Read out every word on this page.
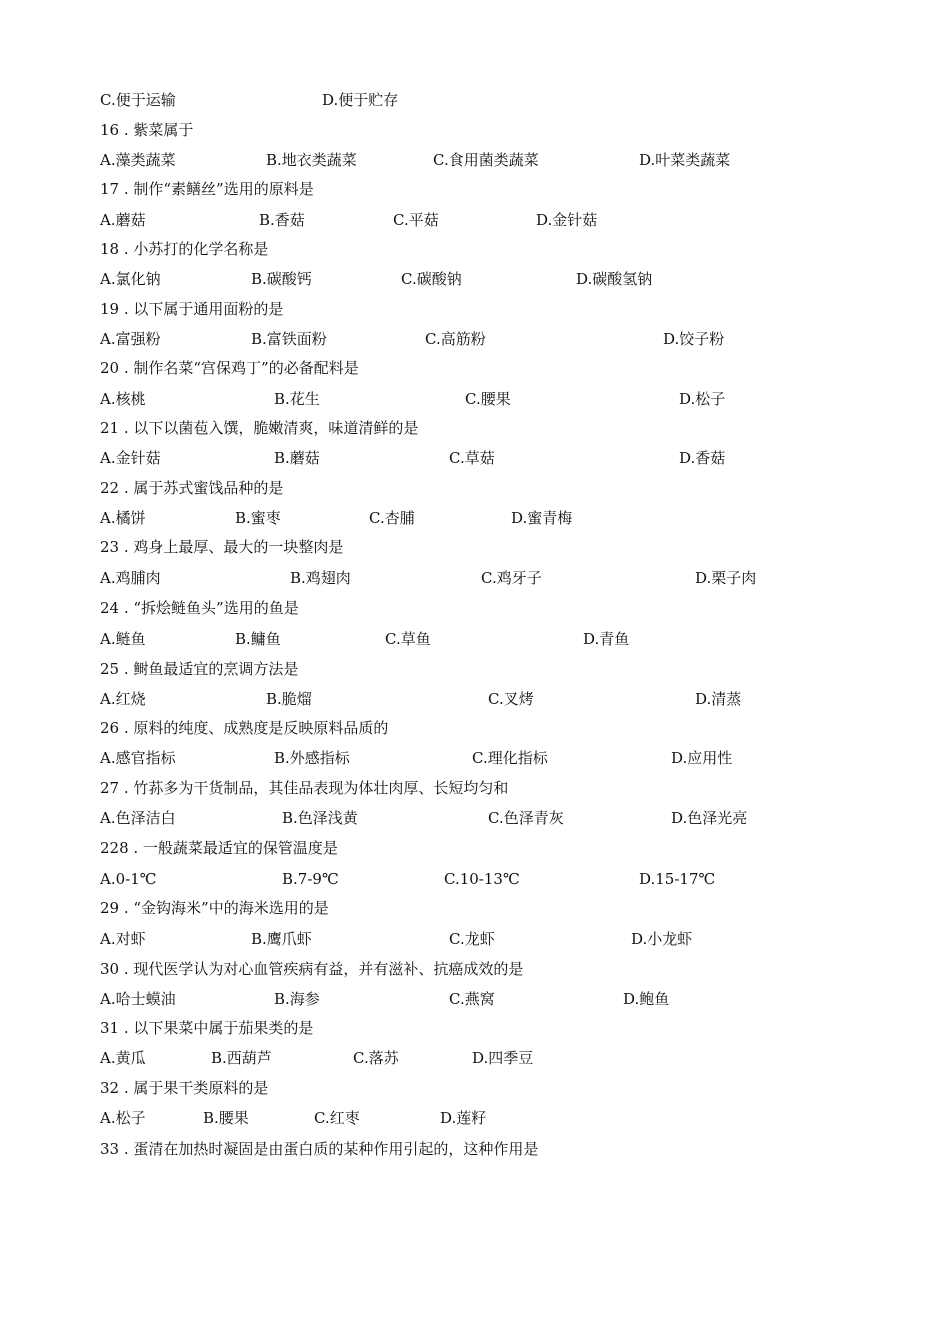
C.便于运输	D.便于贮存
16 . 紫菜属于
A.藻类蔬菜	B.地衣类蔬菜	C.食用菌类蔬菜	D.叶菜类蔬菜
17 . 制作“素鳝丝”选用的原料是
A.蘑菇	B.香菇	C.平菇	D.金针菇
18 . 小苏打的化学名称是
A.氯化钠	B.碳酸钙	C.碳酸钠	D.碳酸氢钠
19 . 以下属于通用面粉的是
A.富强粉	B.富铁面粉	C.高筋粉	D.饺子粉
20 . 制作名菜“宫保鸡丁”的必备配料是
A.核桃	B.花生	C.腰果	D.松子
21 . 以下以菌苞入馔，脆嫩清爽，味道清鲜的是
A.金针菇	B.蘑菇	C.草菇	D.香菇
22 . 属于苏式蜜饯品种的是
A.橘饼	B.蜜枣	C.杏脯	D.蜜青梅
23 . 鸡身上最厚、最大的一块整肉是
A.鸡脯肉	B.鸡翅肉	C.鸡牙子	D.栗子肉
24 . “拆烩鲢鱼头”选用的鱼是
A.鲢鱼	B.鳙鱼	C.草鱼	D.青鱼
25 . 鲥鱼最适宜的烹调方法是
A.红烧	B.脆熘	C.叉烤	D.清蒸
26 . 原料的纯度、成熟度是反映原料品质的
A.感官指标	B.外感指标	C.理化指标	D.应用性
27 . 竹荪多为干货制品，其佳品表现为体壮肉厚、长短均匀和
A.色泽洁白	B.色泽浅黄	C.色泽青灰	D.色泽光亮
228 . 一般蔬菜最适宜的保管温度是
A.0-1℃	B.7-9℃	C.10-13℃	D.15-17℃
29 . “金钩海米”中的海米选用的是
A.对虾	B.鹰爪虾	C.龙虾	D.小龙虾
30 . 现代医学认为对心血管疾病有益，并有滋补、抗癌成效的是
A.哈士蟆油	B.海参	C.燕窝	D.鲍鱼
31 . 以下果菜中属于茄果类的是
A.黄瓜	B.西葫芦	C.落苏	D.四季豆
32 . 属于果干类原料的是
A.松子	B.腰果	C.红枣	D.莲籽
33 . 蛋清在加热时凝固是由蛋白质的某种作用引起的，这种作用是
